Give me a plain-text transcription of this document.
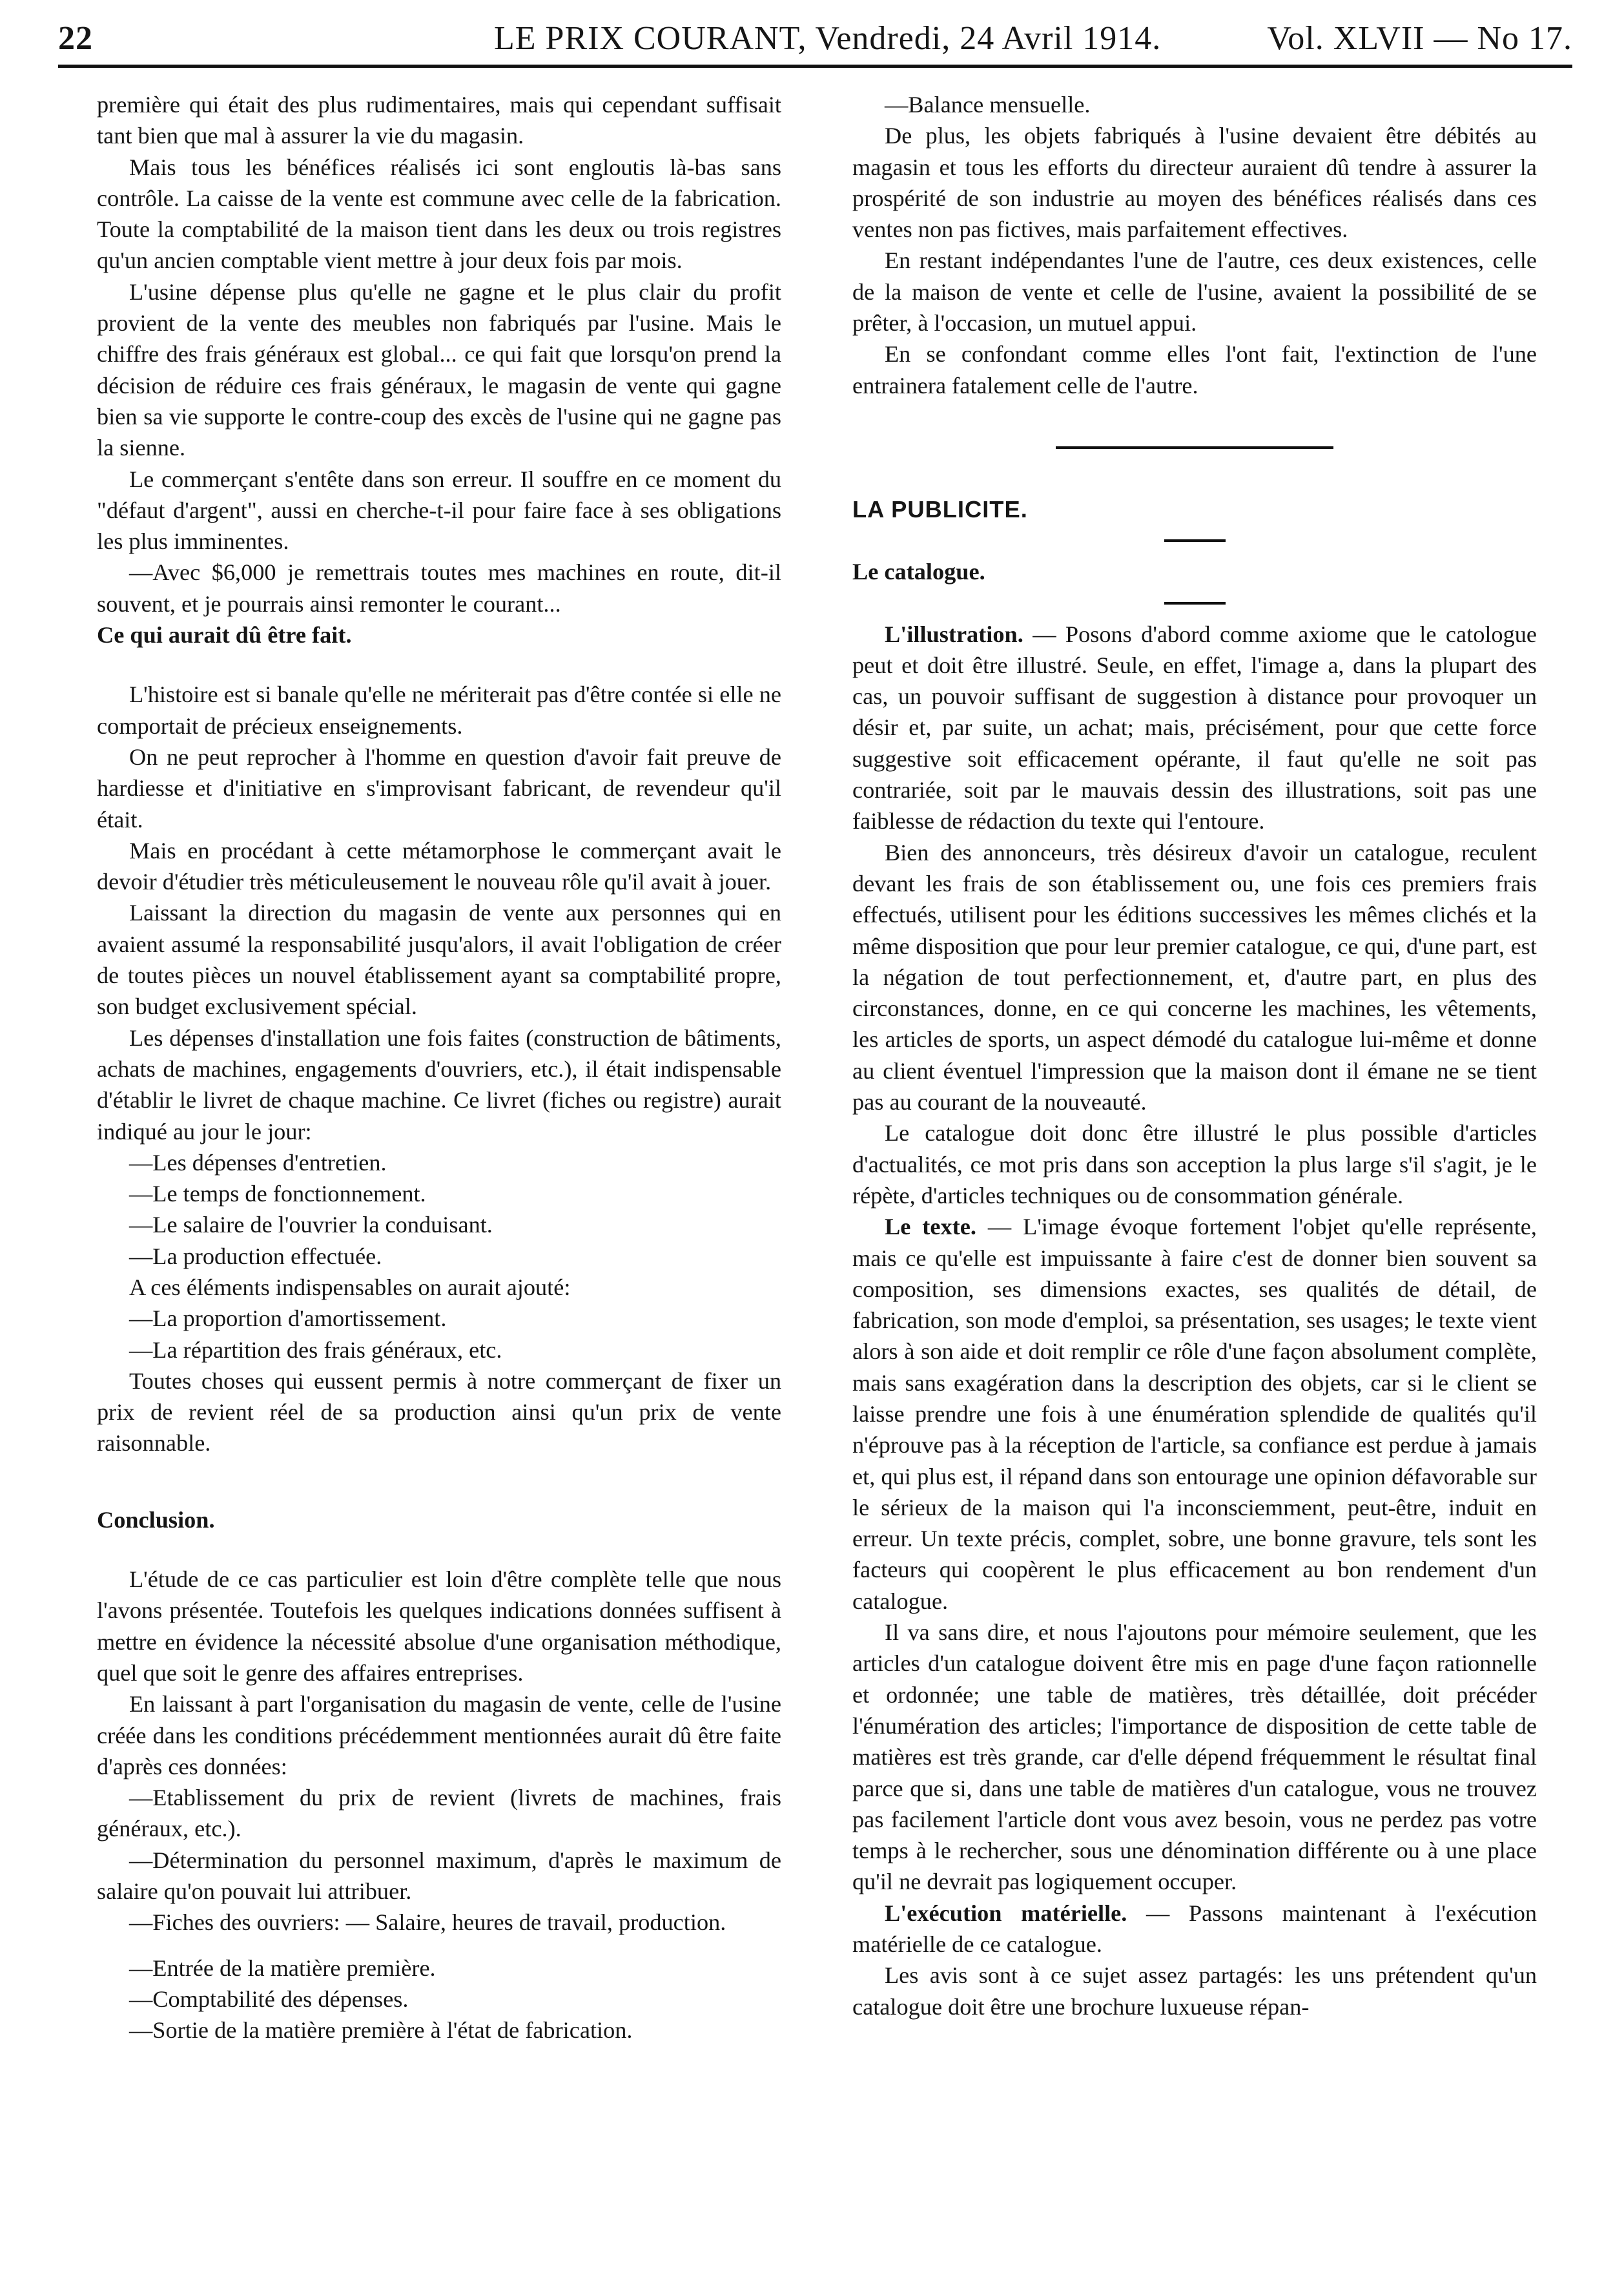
22	LE PRIX COURANT, Vendredi, 24 Avril 1914.	Vol. XLVII — No 17.

première qui était des plus rudimentaires, mais qui cependant suffisait tant bien que mal à assurer la vie du magasin.

Mais tous les bénéfices réalisés ici sont engloutis là-bas sans contrôle. La caisse de la vente est commune avec celle de la fabrication. Toute la comptabilité de la maison tient dans les deux ou trois registres qu'un ancien comptable vient mettre à jour deux fois par mois.

L'usine dépense plus qu'elle ne gagne et le plus clair du profit provient de la vente des meubles non fabriqués par l'usine. Mais le chiffre des frais généraux est global... ce qui fait que lorsqu'on prend la décision de réduire ces frais généraux, le magasin de vente qui gagne bien sa vie supporte le contre-coup des excès de l'usine qui ne gagne pas la sienne.

Le commerçant s'entête dans son erreur. Il souffre en ce moment du "défaut d'argent", aussi en cherche-t-il pour faire face à ses obligations les plus imminentes.

—Avec $6,000 je remettrais toutes mes machines en route, dit-il souvent, et je pourrais ainsi remonter le courant...

Ce qui aurait dû être fait.

L'histoire est si banale qu'elle ne mériterait pas d'être contée si elle ne comportait de précieux enseignements.

On ne peut reprocher à l'homme en question d'avoir fait preuve de hardiesse et d'initiative en s'improvisant fabricant, de revendeur qu'il était.

Mais en procédant à cette métamorphose le commerçant avait le devoir d'étudier très méticuleusement le nouveau rôle qu'il avait à jouer.

Laissant la direction du magasin de vente aux personnes qui en avaient assumé la responsabilité jusqu'alors, il avait l'obligation de créer de toutes pièces un nouvel établissement ayant sa comptabilité propre, son budget exclusivement spécial.

Les dépenses d'installation une fois faites (construction de bâtiments, achats de machines, engagements d'ouvriers, etc.), il était indispensable d'établir le livret de chaque machine. Ce livret (fiches ou registre) aurait indiqué au jour le jour:

—Les dépenses d'entretien.

—Le temps de fonctionnement.

—Le salaire de l'ouvrier la conduisant.

—La production effectuée.

A ces éléments indispensables on aurait ajouté:

—La proportion d'amortissement.

—La répartition des frais généraux, etc.

Toutes choses qui eussent permis à notre commerçant de fixer un prix de revient réel de sa production ainsi qu'un prix de vente raisonnable.

Conclusion.

L'étude de ce cas particulier est loin d'être complète telle que nous l'avons présentée. Toutefois les quelques indications données suffisent à mettre en évidence la nécessité absolue d'une organisation méthodique, quel que soit le genre des affaires entreprises.

En laissant à part l'organisation du magasin de vente, celle de l'usine créée dans les conditions précédemment mentionnées aurait dû être faite d'après ces données:

—Etablissement du prix de revient (livrets de machines, frais généraux, etc.).

—Détermination du personnel maximum, d'après le maximum de salaire qu'on pouvait lui attribuer.

—Fiches des ouvriers: — Salaire, heures de travail, production.

—Entrée de la matière première.

—Comptabilité des dépenses.

—Sortie de la matière première à l'état de fabrication.

—Balance mensuelle.

De plus, les objets fabriqués à l'usine devaient être débités au magasin et tous les efforts du directeur auraient dû tendre à assurer la prospérité de son industrie au moyen des bénéfices réalisés dans ces ventes non pas fictives, mais parfaitement effectives.

En restant indépendantes l'une de l'autre, ces deux existences, celle de la maison de vente et celle de l'usine, avaient la possibilité de se prêter, à l'occasion, un mutuel appui.

En se confondant comme elles l'ont fait, l'extinction de l'une entrainera fatalement celle de l'autre.

LA PUBLICITE.

Le catalogue.

L'illustration. — Posons d'abord comme axiome que le catologue peut et doit être illustré. Seule, en effet, l'image a, dans la plupart des cas, un pouvoir suffisant de suggestion à distance pour provoquer un désir et, par suite, un achat; mais, précisément, pour que cette force suggestive soit efficacement opérante, il faut qu'elle ne soit pas contrariée, soit par le mauvais dessin des illustrations, soit pas une faiblesse de rédaction du texte qui l'entoure.

Bien des annonceurs, très désireux d'avoir un catalogue, reculent devant les frais de son établissement ou, une fois ces premiers frais effectués, utilisent pour les éditions successives les mêmes clichés et la même disposition que pour leur premier catalogue, ce qui, d'une part, est la négation de tout perfectionnement, et, d'autre part, en plus des circonstances, donne, en ce qui concerne les machines, les vêtements, les articles de sports, un aspect démodé du catalogue lui-même et donne au client éventuel l'impression que la maison dont il émane ne se tient pas au courant de la nouveauté.

Le catalogue doit donc être illustré le plus possible d'articles d'actualités, ce mot pris dans son acception la plus large s'il s'agit, je le répète, d'articles techniques ou de consommation générale.

Le texte. — L'image évoque fortement l'objet qu'elle représente, mais ce qu'elle est impuissante à faire c'est de donner bien souvent sa composition, ses dimensions exactes, ses qualités de détail, de fabrication, son mode d'emploi, sa présentation, ses usages; le texte vient alors à son aide et doit remplir ce rôle d'une façon absolument complète, mais sans exagération dans la description des objets, car si le client se laisse prendre une fois à une énumération splendide de qualités qu'il n'éprouve pas à la réception de l'article, sa confiance est perdue à jamais et, qui plus est, il répand dans son entourage une opinion défavorable sur le sérieux de la maison qui l'a inconsciemment, peut-être, induit en erreur. Un texte précis, complet, sobre, une bonne gravure, tels sont les facteurs qui coopèrent le plus efficacement au bon rendement d'un catalogue.

Il va sans dire, et nous l'ajoutons pour mémoire seulement, que les articles d'un catalogue doivent être mis en page d'une façon rationnelle et ordonnée; une table de matières, très détaillée, doit précéder l'énumération des articles; l'importance de disposition de cette table de matières est très grande, car d'elle dépend fréquemment le résultat final parce que si, dans une table de matières d'un catalogue, vous ne trouvez pas facilement l'article dont vous avez besoin, vous ne perdez pas votre temps à le rechercher, sous une dénomination différente ou à une place qu'il ne devrait pas logiquement occuper.

L'exécution matérielle. — Passons maintenant à l'exécution matérielle de ce catalogue.

Les avis sont à ce sujet assez partagés: les uns prétendent qu'un catalogue doit être une brochure luxueuse répan-
